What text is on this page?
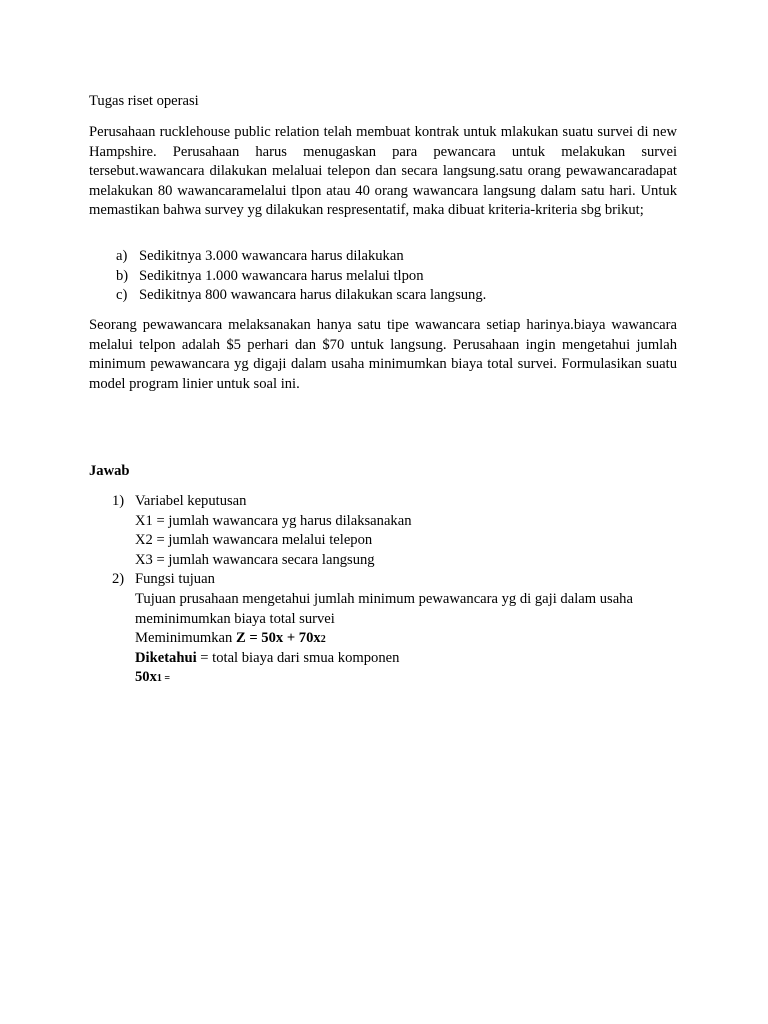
Tugas riset operasi
Perusahaan rucklehouse public relation telah membuat kontrak untuk mlakukan suatu survei di new Hampshire. Perusahaan harus menugaskan para pewancara untuk melakukan survei tersebut.wawancara dilakukan melaluai telepon dan secara langsung.satu orang pewawancaradapat melakukan 80 wawancaramelalui tlpon atau 40 orang wawancara langsung dalam satu hari. Untuk memastikan bahwa survey yg dilakukan respresentatif, maka dibuat kriteria-kriteria sbg brikut;
a) Sedikitnya 3.000 wawancara harus dilakukan
b) Sedikitnya 1.000 wawancara harus melalui tlpon
c) Sedikitnya 800 wawancara harus dilakukan scara langsung.
Seorang pewawancara melaksanakan hanya satu tipe wawancara setiap harinya.biaya wawancara melalui telpon adalah $5 perhari dan $70 untuk langsung. Perusahaan ingin mengetahui jumlah minimum pewawancara yg digaji dalam usaha minimumkan biaya total survei. Formulasikan suatu model program linier untuk soal ini.
Jawab
1) Variabel keputusan
X1 = jumlah wawancara yg harus dilaksanakan
X2 = jumlah wawancara melalui telepon
X3 = jumlah wawancara secara langsung
2) Fungsi tujuan
Tujuan prusahaan mengetahui jumlah minimum pewawancara yg di gaji dalam usaha
meminimumkan biaya total survei
Meminimumkan Z = 50x + 70x2
Diketahui = total biaya dari smua komponen
50x1 =
